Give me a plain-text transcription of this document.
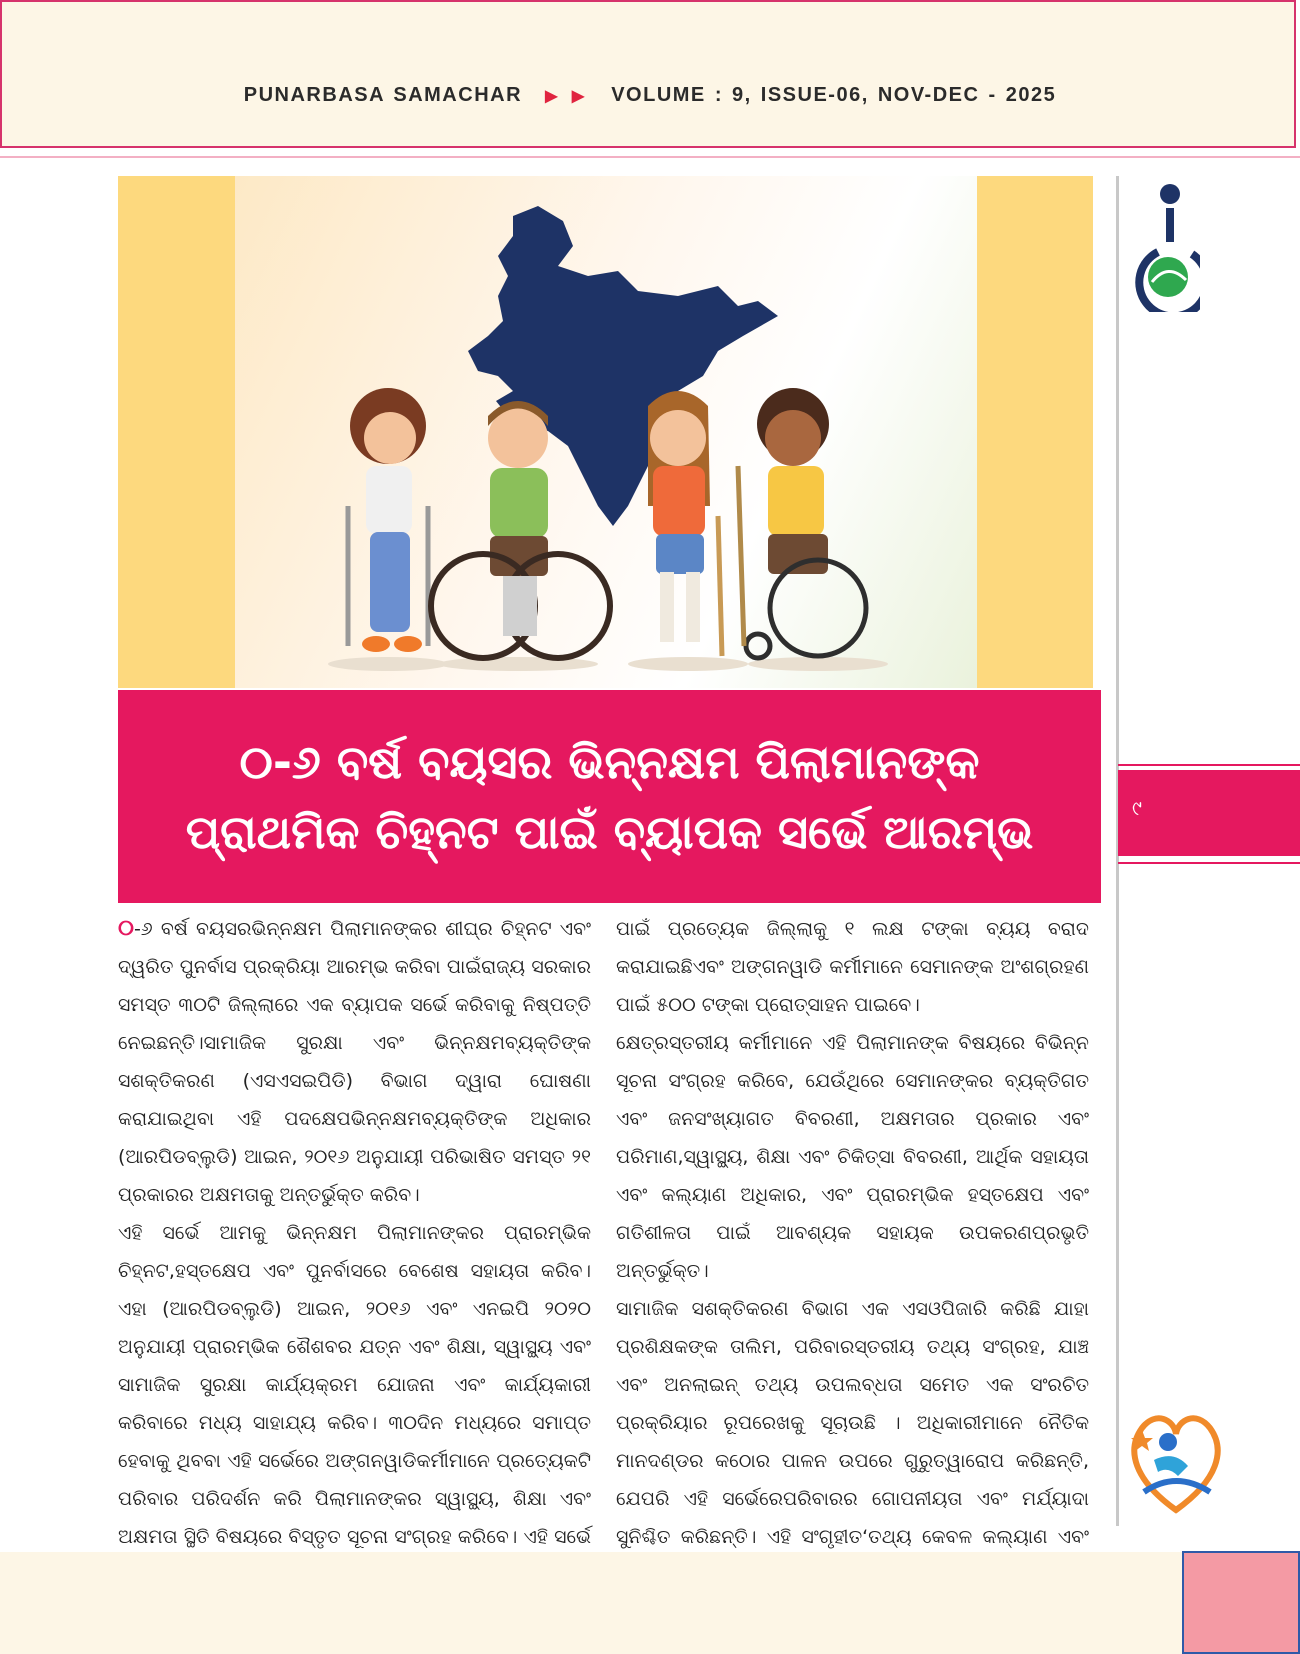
PUNARBASA SAMACHAR ▶ ▶ VOLUME : 9, ISSUE-06, NOV-DEC - 2025
୦-୬ ବର୍ଷ ବୟସର ଭିନ୍ନକ୍ଷମ ପିଲାମାନଙ୍କ
ପ୍ରାଥମିକ ଚିହ୍ନଟ ପାଇଁ ବ୍ୟାପକ ସର୍ଭେ ଆରମ୍ଭ	୯

୦-୬ ବର୍ଷ ବୟସରଭିନ୍ନକ୍ଷମ ପିଲାମାନଙ୍କର ଶୀଘ୍ର ଚିହ୍ନଟ ଏବଂ ଦ୍ୱରିତ ପୁନର୍ବାସ ପ୍ରକ୍ରିୟା ଆରମ୍ଭ କରିବା ପାଇଁରାଜ୍ୟ ସରକାର ସମସ୍ତ ୩୦ଟି ଜିଲ୍ଲାରେ ଏକ ବ୍ୟାପକ ସର୍ଭେ କରିବାକୁ ନିଷ୍ପତ୍ତି ନେଇଛନ୍ତି।ସାମାଜିକ ସୁରକ୍ଷା ଏବଂ ଭିନ୍ନକ୍ଷମବ୍ୟକ୍ତିଙ୍କ ସଶକ୍ତିକରଣ (ଏସଏସଇପିଡି) ବିଭାଗ ଦ୍ୱାରା ଘୋଷଣା କରାଯାଇଥିବା ଏହି ପଦକ୍ଷେପଭିନ୍ନକ୍ଷମବ୍ୟକ୍ତିଙ୍କ ଅଧିକାର (ଆରପିଡବ୍ଲୁଡି) ଆଇନ, ୨୦୧୬ ଅନୁଯାୟୀ ପରିଭାଷିତ ସମସ୍ତ ୨୧ ପ୍ରକାରର ଅକ୍ଷମତାକୁ ଅନ୍ତର୍ଭୁକ୍ତ କରିବ।

ଏହି ସର୍ଭେ ଆମକୁ ଭିନ୍ନକ୍ଷମ ପିଲାମାନଙ୍କର ପ୍ରାରମ୍ଭିକ ଚିହ୍ନଟ,ହସ୍ତକ୍ଷେପ ଏବଂ ପୁନର୍ବାସରେ ବେଶେଷ ସହାୟତା କରିବ। ଏହା (ଆରପିଡବ୍ଲୁଡି) ଆଇନ, ୨୦୧୬ ଏବଂ ଏନଇପି ୨୦୨୦ ଅନୁଯାୟୀ ପ୍ରାରମ୍ଭିକ ଶୈଶବର ଯତ୍ନ ଏବଂ ଶିକ୍ଷା, ସ୍ୱାସ୍ଥ୍ୟ ଏବଂ ସାମାଜିକ ସୁରକ୍ଷା କାର୍ଯ୍ୟକ୍ରମ ଯୋଜନା ଏବଂ କାର୍ଯ୍ୟକାରୀ କରିବାରେ ମଧ୍ୟ ସାହାଯ୍ୟ କରିବ। ୩୦ଦିନ ମଧ୍ୟରେ ସମାପ୍ତ ହେବାକୁ ଥିବବା ଏହି ସର୍ଭେରେ ଅଙ୍ଗନୱାଡିକର୍ମୀମାନେ ପ୍ରତ୍ୟେକଟି ପରିବାର ପରିଦର୍ଶନ କରି ପିଲାମାନଙ୍କର ସ୍ୱାସ୍ଥ୍ୟ, ଶିକ୍ଷା ଏବଂ ଅକ୍ଷମତା ସ୍ଥିତି ବିଷୟରେ ବିସ୍ତୃତ ସୂଚନା ସଂଗ୍ରହ କରିବେ। ଏହି ସର୍ଭେ

ପାଇଁ ପ୍ରତ୍ୟେକ ଜିଲ୍ଲାକୁ ୧ ଲକ୍ଷ ଟଙ୍କା ବ୍ୟୟ ବରାଦ କରାଯାଇଛିଏବଂ ଅଙ୍ଗନୱାଡି କର୍ମୀମାନେ ସେମାନଙ୍କ ଅଂଶଗ୍ରହଣ ପାଇଁ ୫୦୦ ଟଙ୍କା ପ୍ରୋତ୍ସାହନ ପାଇବେ।

କ୍ଷେତ୍ରସ୍ତରୀୟ କର୍ମୀମାନେ ଏହି ପିଲାମାନଙ୍କ ବିଷୟରେ ବିଭିନ୍ନ ସୂଚନା ସଂଗ୍ରହ କରିବେ, ଯେଉଁଥିରେ ସେମାନଙ୍କର ବ୍ୟକ୍ତିଗତ ଏବଂ ଜନସଂଖ୍ୟାଗତ ବିବରଣୀ, ଅକ୍ଷମତାର ପ୍ରକାର ଏବଂ ପରିମାଣ,ସ୍ୱାସ୍ଥ୍ୟ, ଶିକ୍ଷା ଏବଂ ଚିକିତ୍ସା ବିବରଣୀ, ଆର୍ଥିକ ସହାୟତା ଏବଂ କଲ୍ୟାଣ ଅଧିକାର, ଏବଂ ପ୍ରାରମ୍ଭିକ ହସ୍ତକ୍ଷେପ ଏବଂ ଗତିଶୀଳତା ପାଇଁ ଆବଶ୍ୟକ ସହାୟକ ଉପକରଣପ୍ରଭୃତି ଅନ୍ତର୍ଭୁକ୍ତ।

ସାମାଜିକ ସଶକ୍ତିକରଣ ବିଭାଗ ଏକ ଏସଓପିଜାରି କରିଛି ଯାହା ପ୍ରଶିକ୍ଷକଙ୍କ ତାଲିମ, ପରିବାରସ୍ତରୀୟ ତଥ୍ୟ ସଂଗ୍ରହ, ଯାଞ୍ଚ ଏବଂ ଅନଲାଇନ୍ ତଥ୍ୟ ଉପଲବ୍ଧତା ସମେତ ଏକ ସଂରଚିତ ପ୍ରକ୍ରିୟାର ରୂପରେଖକୁ ସୂଚାଉଛି । ଅଧିକାରୀମାନେ ନୈତିକ ମାନଦଣ୍ଡର କଠୋର ପାଳନ ଉପରେ ଗୁରୁତ୍ୱାରୋପ କରିଛନ୍ତି, ଯେପରି ଏହି ସର୍ଭେରେପରିବାରର ଗୋପନୀୟତା ଏବଂ ମର୍ଯ୍ୟାଦା ସୁନିଶ୍ଚିତ କରିଛନ୍ତି। ଏହି ସଂଗୃହୀତ‘ତଥ୍ୟ କେବଳ କଲ୍ୟାଣ ଏବଂ
